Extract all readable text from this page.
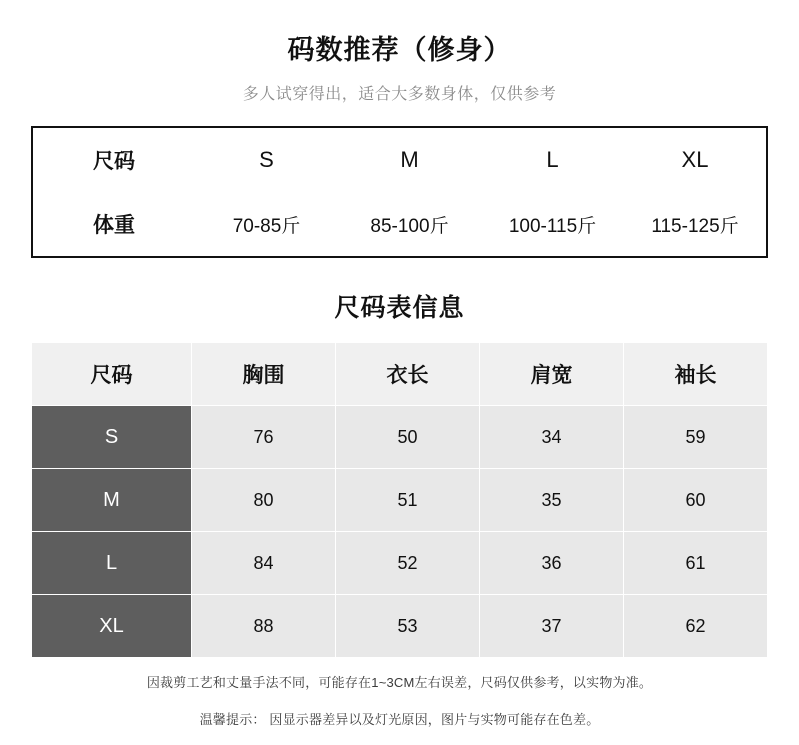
码数推荐（修身）
多人试穿得出，适合大多数身体，仅供参考
尺码	S	M	L	XL
体重	70-85斤	85-100斤	100-115斤	115-125斤
尺码表信息
尺码	胸围	衣长	肩宽	袖长
S	76	50	34	59
M	80	51	35	60
L	84	52	36	61
XL	88	53	37	62
因裁剪工艺和丈量手法不同，可能存在1~3CM左右误差，尺码仅供参考，以实物为准。
温馨提示： 因显示器差异以及灯光原因，图片与实物可能存在色差。
